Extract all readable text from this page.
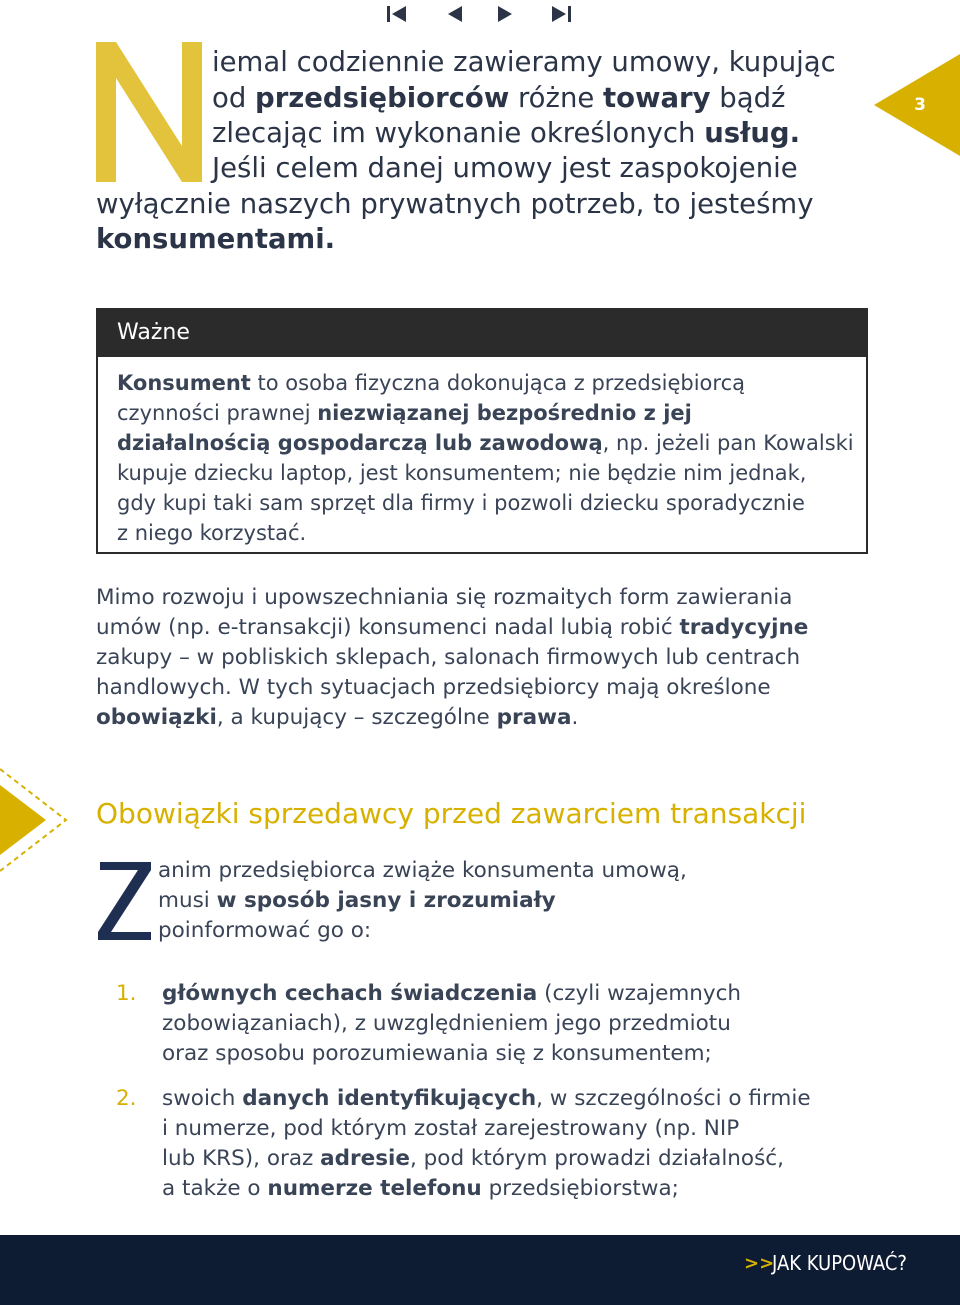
3
iemal codziennie zawieramy umowy, kupując
od przedsiębiorców różne towary bądź
zlecając im wykonanie określonych usług.
Jeśli celem danej umowy jest zaspokojenie
wyłącznie naszych prywatnych potrzeb, to jesteśmy
konsumentami.
Ważne
Konsument to osoba fizyczna dokonująca z przedsiębiorcą
czynności prawnej niezwiązanej bezpośrednio z jej
działalnością gospodarczą lub zawodową, np. jeżeli pan Kowalski
kupuje dziecku laptop, jest konsumentem; nie będzie nim jednak,
gdy kupi taki sam sprzęt dla firmy i pozwoli dziecku sporadycznie
z niego korzystać.
Mimo rozwoju i upowszechniania się rozmaitych form zawierania
umów (np. e-transakcji) konsumenci nadal lubią robić tradycyjne
zakupy – w pobliskich sklepach, salonach firmowych lub centrach
handlowych. W tych sytuacjach przedsiębiorcy mają określone
obowiązki, a kupujący – szczególne prawa.
Obowiązki sprzedawcy przed zawarciem transakcji
anim przedsiębiorca zwiąże konsumenta umową,
musi w sposób jasny i zrozumiały
poinformować go o:
1. głównych cechach świadczenia (czyli wzajemnych
zobowiązaniach), z uwzględnieniem jego przedmiotu
oraz sposobu porozumiewania się z konsumentem;
2. swoich danych identyfikujących, w szczególności o firmie
i numerze, pod którym został zarejestrowany (np. NIP
lub KRS), oraz adresie, pod którym prowadzi działalność,
a także o numerze telefonu przedsiębiorstwa;
>>
JAK KUPOWAĆ?
